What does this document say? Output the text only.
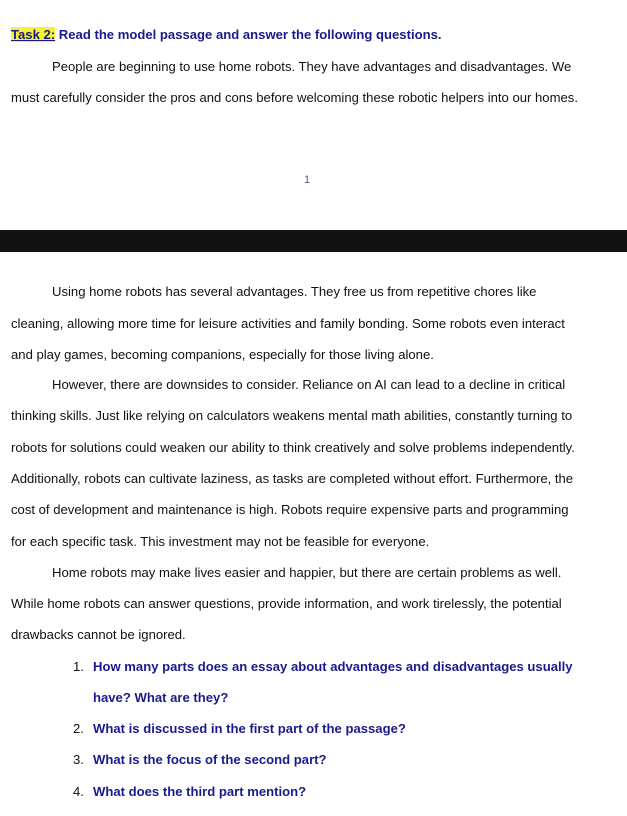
Task 2: Read the model passage and answer the following questions.
People are beginning to use home robots. They have advantages and disadvantages. We
must carefully consider the pros and cons before welcoming these robotic helpers into our homes.
1
Using home robots has several advantages. They free us from repetitive chores like
cleaning, allowing more time for leisure activities and family bonding. Some robots even interact
and play games, becoming companions, especially for those living alone.
However, there are downsides to consider. Reliance on AI can lead to a decline in critical
thinking skills. Just like relying on calculators weakens mental math abilities, constantly turning to
robots for solutions could weaken our ability to think creatively and solve problems independently.
Additionally, robots can cultivate laziness, as tasks are completed without effort. Furthermore, the
cost of development and maintenance is high. Robots require expensive parts and programming
for each specific task. This investment may not be feasible for everyone.
Home robots may make lives easier and happier, but there are certain problems as well.
While home robots can answer questions, provide information, and work tirelessly, the potential
drawbacks cannot be ignored.
1. How many parts does an essay about advantages and disadvantages usually
have? What are they?
2. What is discussed in the first part of the passage?
3. What is the focus of the second part?
4. What does the third part mention?
